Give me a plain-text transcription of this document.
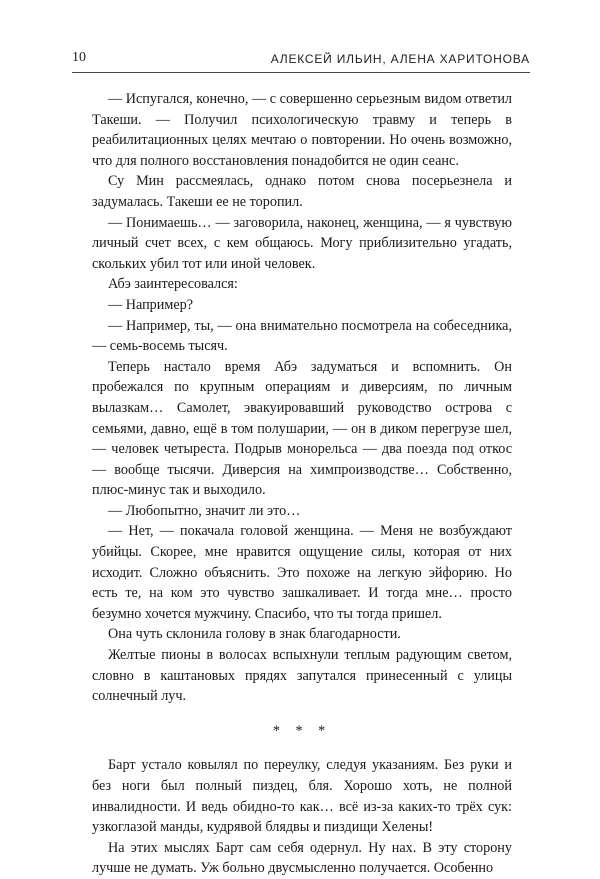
10	АЛЕКСЕЙ ИЛЬИН, АЛЕНА ХАРИТОНОВА

— Испугался, конечно, — с совершенно серьезным видом ответил Такеши. — Получил психологическую травму и теперь в реабилитационных целях мечтаю о повторении. Но очень возможно, что для полного восстановления понадобится не один сеанс.

Су Мин рассмеялась, однако потом снова посерьезнела и задумалась. Такеши ее не торопил.

— Понимаешь… — заговорила, наконец, женщина, — я чувствую личный счет всех, с кем общаюсь. Могу приблизительно угадать, скольких убил тот или иной человек.

Абэ заинтересовался:

— Например?

— Например, ты, — она внимательно посмотрела на собеседника, — семь-восемь тысяч.

Теперь настало время Абэ задуматься и вспомнить. Он пробежался по крупным операциям и диверсиям, по личным вылазкам… Самолет, эвакуировавший руководство острова с семьями, давно, ещё в том полушарии, — он в диком перегрузе шел, — человек четыреста. Подрыв монорельса — два поезда под откос — вообще тысячи. Диверсия на химпроизводстве… Собственно, плюс-минус так и выходило.

— Любопытно, значит ли это…

— Нет, — покачала головой женщина. — Меня не возбуждают убийцы. Скорее, мне нравится ощущение силы, которая от них исходит. Сложно объяснить. Это похоже на легкую эйфорию. Но есть те, на ком это чувство зашкаливает. И тогда мне… просто безумно хочется мужчину. Спасибо, что ты тогда пришел.

Она чуть склонила голову в знак благодарности.

Желтые пионы в волосах вспыхнули теплым радующим светом, словно в каштановых прядях запутался принесенный с улицы солнечный луч.

* * *

Барт устало ковылял по переулку, следуя указаниям. Без руки и без ноги был полный пиздец, бля. Хорошо хоть, не полной инвалидности. И ведь обидно-то как… всё из-за каких-то трёх сук: узкоглазой манды, кудрявой блядвы и пиздищи Хелены!

На этих мыслях Барт сам себя одернул. Ну нах. В эту сторону лучше не думать. Уж больно двусмысленно получается. Особенно
